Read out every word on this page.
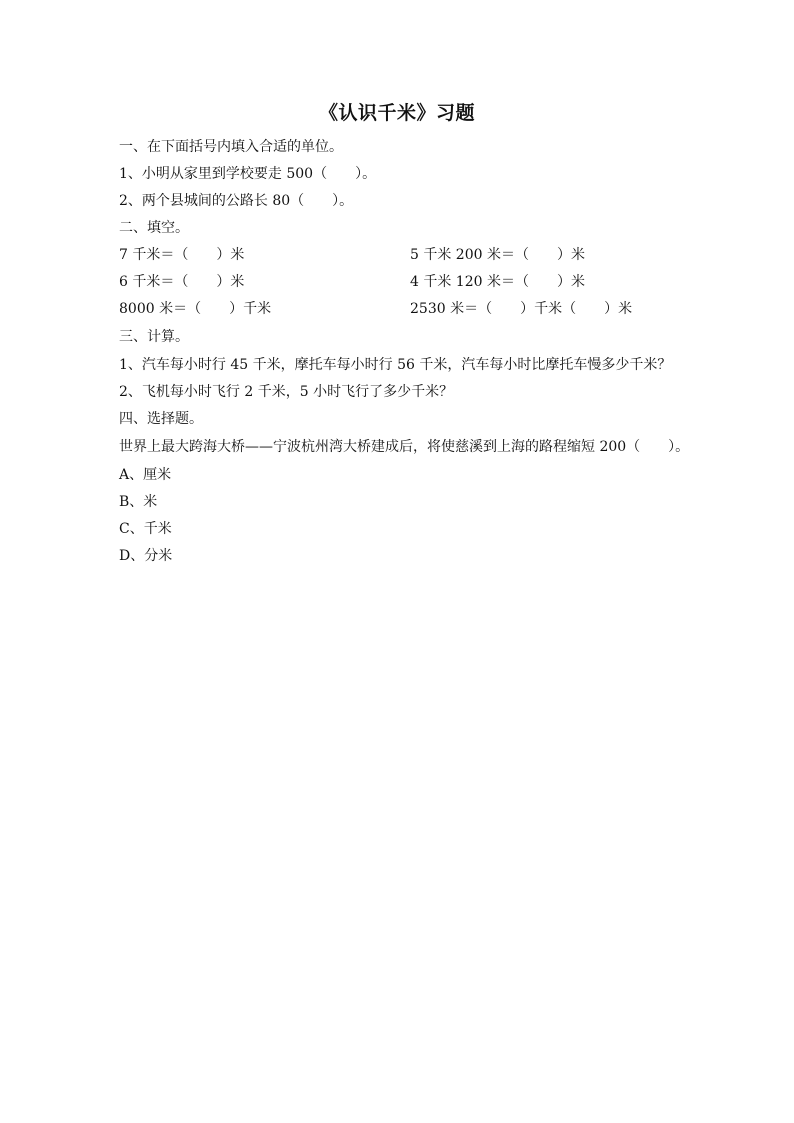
《认识千米》习题
一、在下面括号内填入合适的单位。
1、小明从家里到学校要走 500（　　）。
2、两个县城间的公路长 80（　　）。
二、填空。
7 千米＝（　　）米	5 千米 200 米＝（　　）米
6 千米＝（　　）米	4 千米 120 米＝（　　）米
8000 米＝（　　）千米	2530 米＝（　　）千米（　　）米
三、计算。
1、汽车每小时行 45 千米，摩托车每小时行 56 千米，汽车每小时比摩托车慢多少千米？
2、飞机每小时飞行 2 千米，5 小时飞行了多少千米？
四、选择题。
世界上最大跨海大桥——宁波杭州湾大桥建成后，将使慈溪到上海的路程缩短 200（　　）。
A、厘米
B、米
C、千米
D、分米
